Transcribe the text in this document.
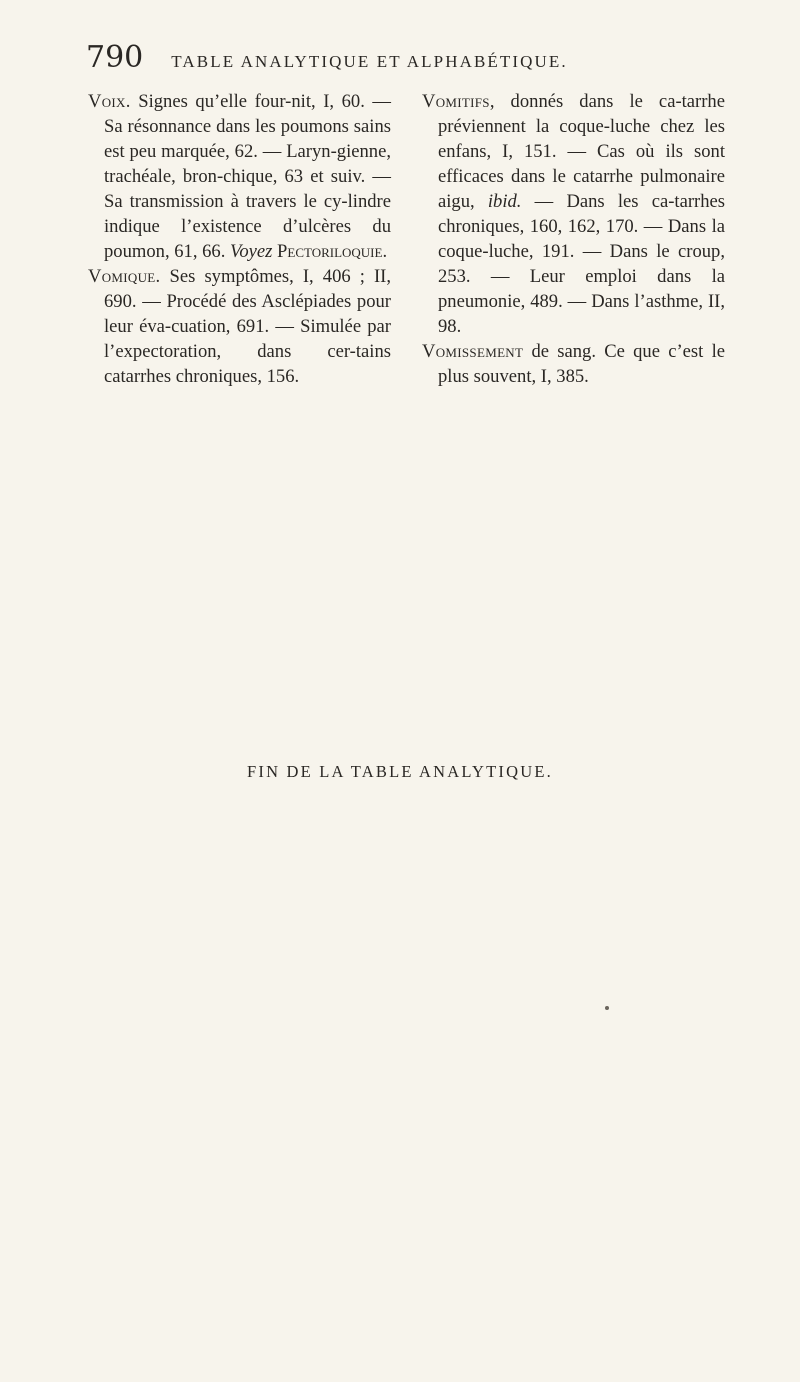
790 TABLE ANALYTIQUE ET ALPHABÉTIQUE.

Voix. Signes qu’elle four-nit, I, 60. — Sa résonnance dans les poumons sains est peu marquée, 62. — Laryn-gienne, trachéale, bron-chique, 63 et suiv. — Sa transmission à travers le cy-lindre indique l’existence d’ulcères du poumon, 61, 66. Voyez Pectoriloquie.

Vomique. Ses symptômes, I, 406 ; II, 690. — Procédé des Asclépiades pour leur éva-cuation, 691. — Simulée par l’expectoration, dans cer-tains catarrhes chroniques, 156.

Vomitifs, donnés dans le ca-tarrhe préviennent la coque-luche chez les enfans, I, 151. — Cas où ils sont efficaces dans le catarrhe pulmonaire aigu, ibid. — Dans les ca-tarrhes chroniques, 160, 162, 170. — Dans la coque-luche, 191. — Dans le croup, 253. — Leur emploi dans la pneumonie, 489. — Dans l’asthme, II, 98.

Vomissement de sang. Ce que c’est le plus souvent, I, 385.

FIN DE LA TABLE ANALYTIQUE.
